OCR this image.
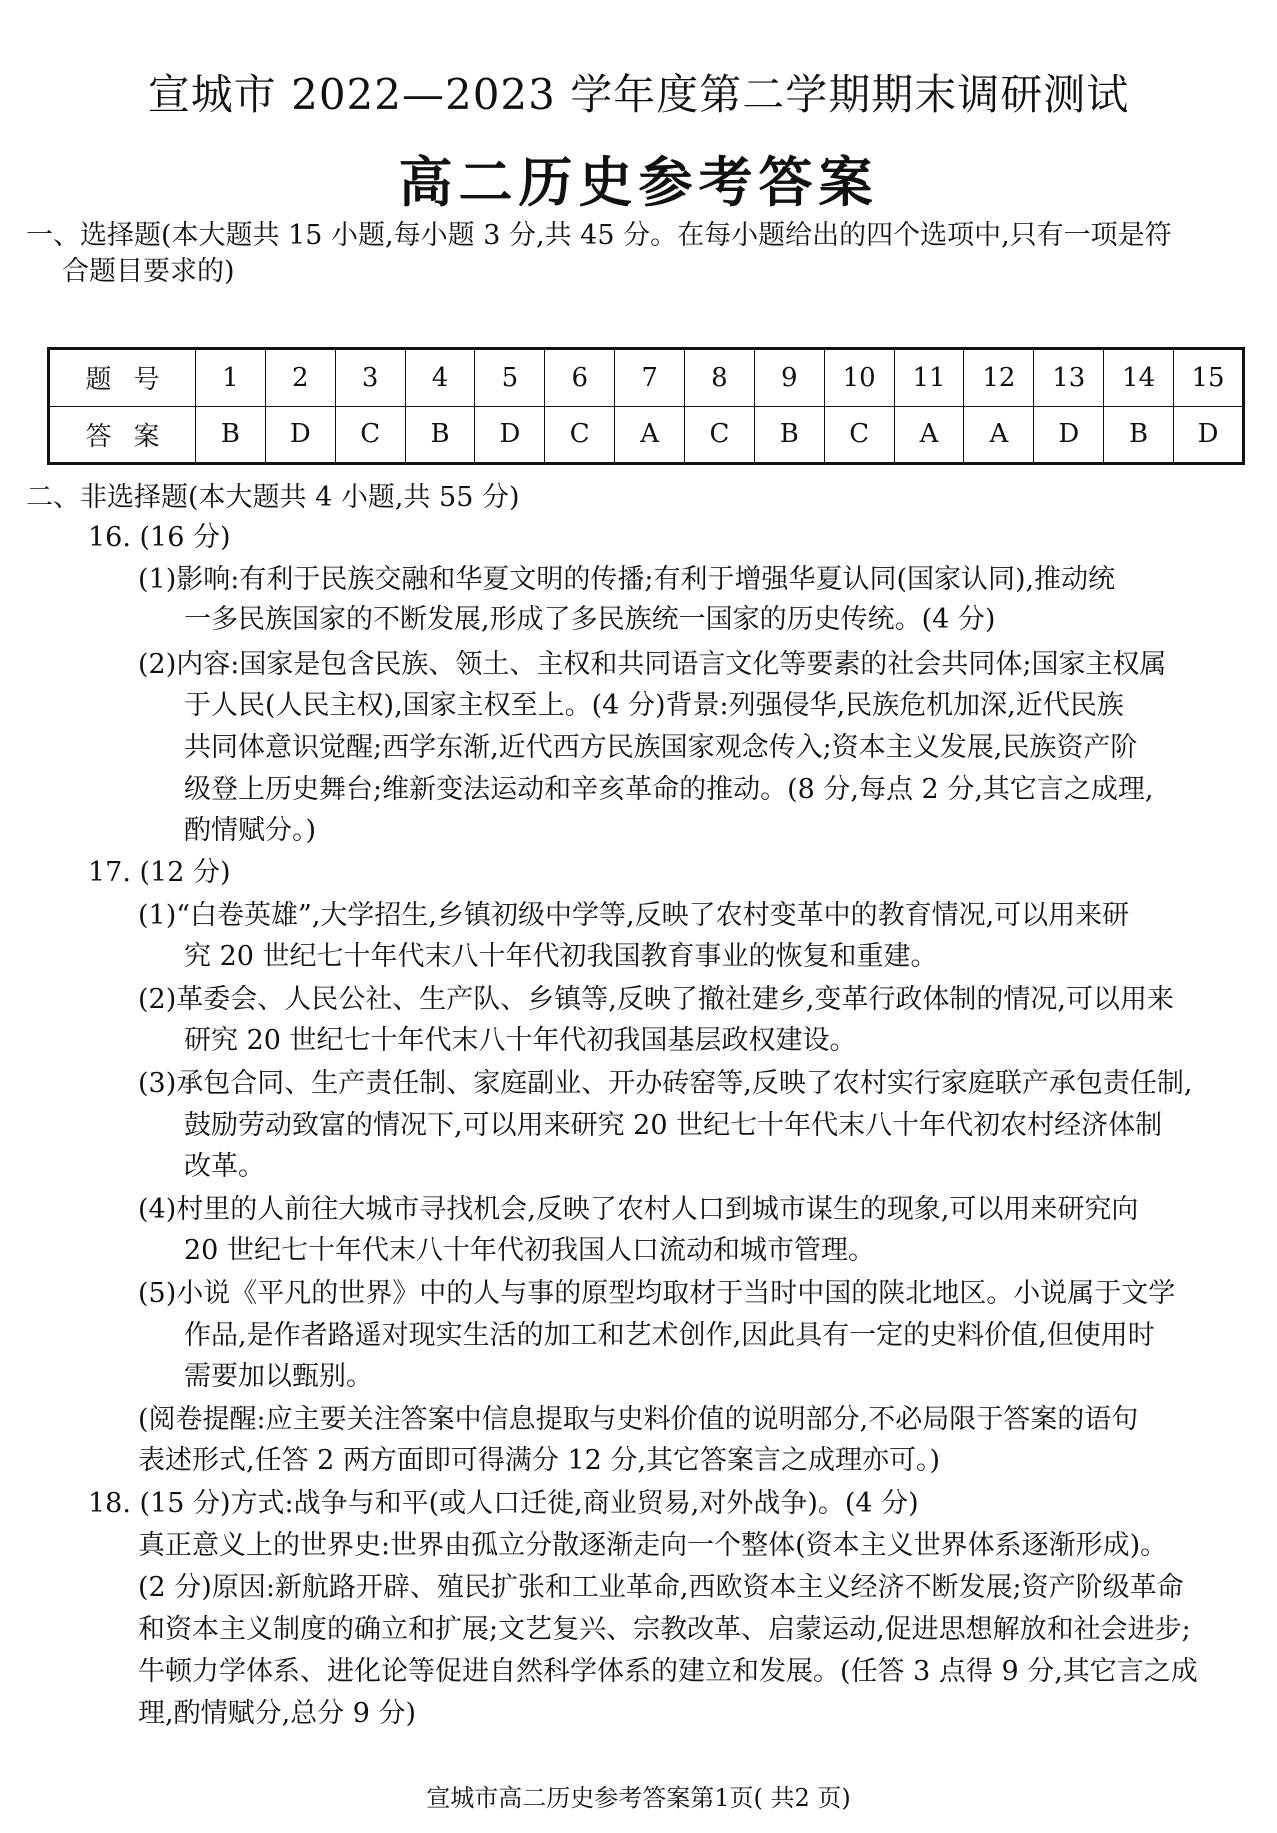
宣城市 2022—2023 学年度第二学期期末调研测试
高二历史参考答案
一、选择题(本大题共 15 小题,每小题 3 分,共 45 分。在每小题给出的四个选项中,只有一项是符
合题目要求的)
题号	1	2	3	4	5	6	7	8	9	10	11	12	13	14	15
答案	B	D	C	B	D	C	A	C	B	C	A	A	D	B	D
二、非选择题(本大题共 4 小题,共 55 分)
16. (16 分)
(1)影响:有利于民族交融和华夏文明的传播;有利于增强华夏认同(国家认同),推动统
一多民族国家的不断发展,形成了多民族统一国家的历史传统。(4 分)
(2)内容:国家是包含民族、领土、主权和共同语言文化等要素的社会共同体;国家主权属
于人民(人民主权),国家主权至上。(4 分)背景:列强侵华,民族危机加深,近代民族
共同体意识觉醒;西学东渐,近代西方民族国家观念传入;资本主义发展,民族资产阶
级登上历史舞台;维新变法运动和辛亥革命的推动。(8 分,每点 2 分,其它言之成理,
酌情赋分。)
17. (12 分)
(1)“白卷英雄”,大学招生,乡镇初级中学等,反映了农村变革中的教育情况,可以用来研
究 20 世纪七十年代末八十年代初我国教育事业的恢复和重建。
(2)革委会、人民公社、生产队、乡镇等,反映了撤社建乡,变革行政体制的情况,可以用来
研究 20 世纪七十年代末八十年代初我国基层政权建设。
(3)承包合同、生产责任制、家庭副业、开办砖窑等,反映了农村实行家庭联产承包责任制,
鼓励劳动致富的情况下,可以用来研究 20 世纪七十年代末八十年代初农村经济体制
改革。
(4)村里的人前往大城市寻找机会,反映了农村人口到城市谋生的现象,可以用来研究向
20 世纪七十年代末八十年代初我国人口流动和城市管理。
(5)小说《平凡的世界》中的人与事的原型均取材于当时中国的陕北地区。小说属于文学
作品,是作者路遥对现实生活的加工和艺术创作,因此具有一定的史料价值,但使用时
需要加以甄别。
(阅卷提醒:应主要关注答案中信息提取与史料价值的说明部分,不必局限于答案的语句
表述形式,任答 2 两方面即可得满分 12 分,其它答案言之成理亦可。)
18. (15 分)方式:战争与和平(或人口迁徙,商业贸易,对外战争)。(4 分)
真正意义上的世界史:世界由孤立分散逐渐走向一个整体(资本主义世界体系逐渐形成)。
(2 分)原因:新航路开辟、殖民扩张和工业革命,西欧资本主义经济不断发展;资产阶级革命
和资本主义制度的确立和扩展;文艺复兴、宗教改革、启蒙运动,促进思想解放和社会进步;
牛顿力学体系、进化论等促进自然科学体系的建立和发展。(任答 3 点得 9 分,其它言之成
理,酌情赋分,总分 9 分)
宣城市高二历史参考答案第1页( 共2 页)
